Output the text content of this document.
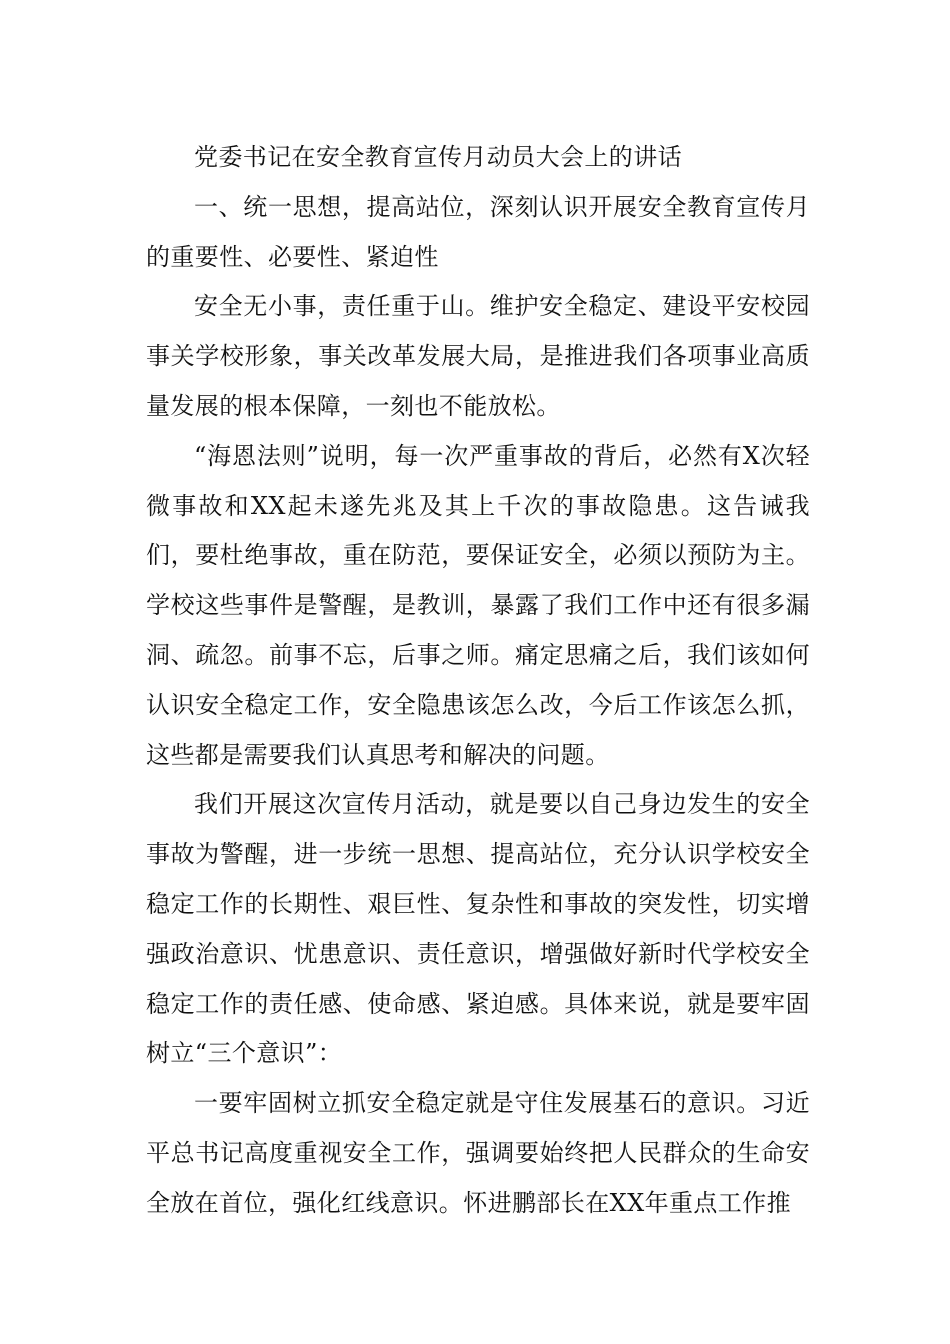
党委书记在安全教育宣传月动员大会上的讲话

一、统一思想，提高站位，深刻认识开展安全教育宣传月的重要性、必要性、紧迫性

安全无小事，责任重于山。维护安全稳定、建设平安校园事关学校形象，事关改革发展大局，是推进我们各项事业高质量发展的根本保障，一刻也不能放松。

“海恩法则”说明，每一次严重事故的背后，必然有X次轻微事故和XX起未遂先兆及其上千次的事故隐患。这告诫我们，要杜绝事故，重在防范，要保证安全，必须以预防为主。学校这些事件是警醒，是教训，暴露了我们工作中还有很多漏洞、疏忽。前事不忘，后事之师。痛定思痛之后，我们该如何认识安全稳定工作，安全隐患该怎么改，今后工作该怎么抓，这些都是需要我们认真思考和解决的问题。

我们开展这次宣传月活动，就是要以自己身边发生的安全事故为警醒，进一步统一思想、提高站位，充分认识学校安全稳定工作的长期性、艰巨性、复杂性和事故的突发性，切实增强政治意识、忧患意识、责任意识，增强做好新时代学校安全稳定工作的责任感、使命感、紧迫感。具体来说，就是要牢固树立“三个意识”：

一要牢固树立抓安全稳定就是守住发展基石的意识。习近平总书记高度重视安全工作，强调要始终把人民群众的生命安全放在首位，强化红线意识。怀进鹏部长在XX年重点工作推
